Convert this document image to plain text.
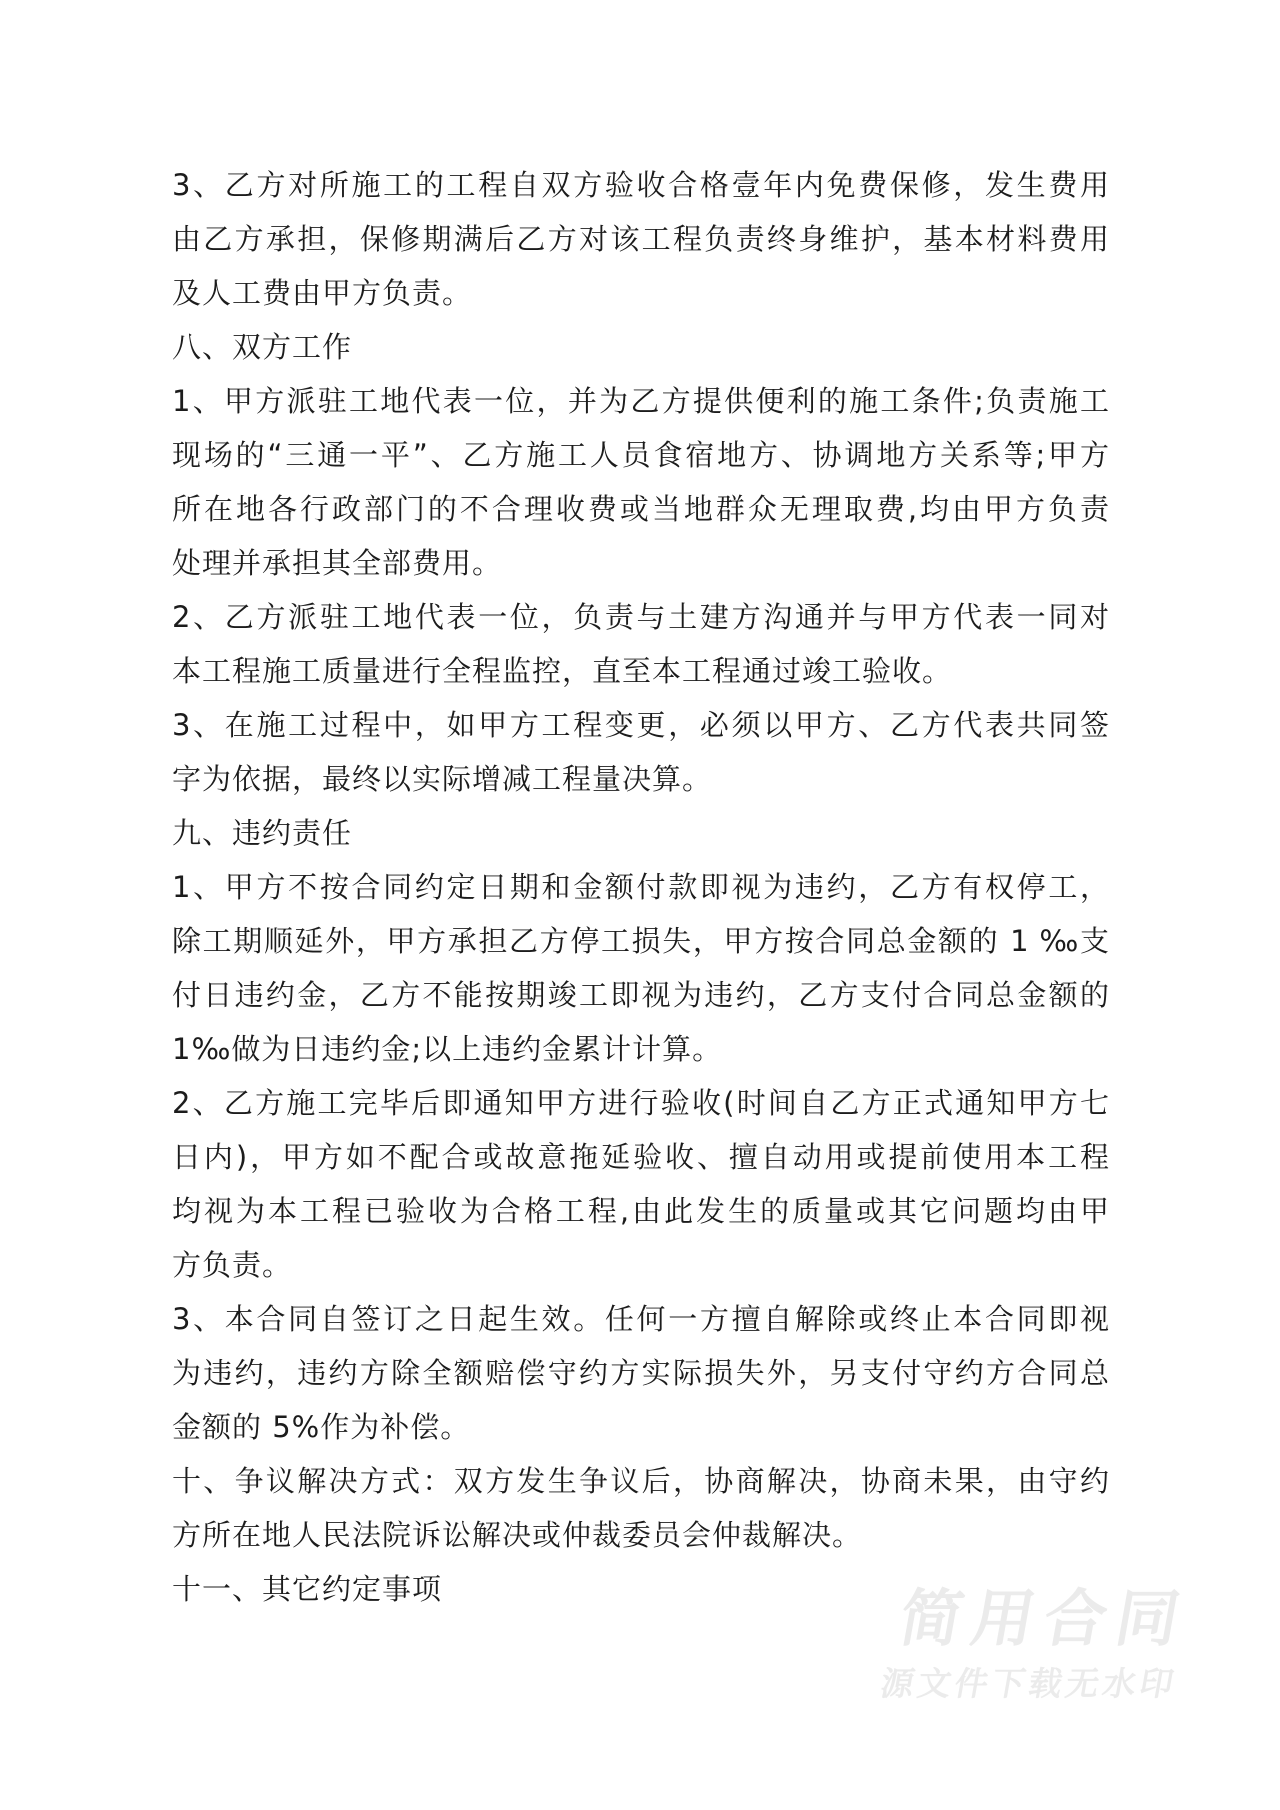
3、乙方对所施工的工程自双方验收合格壹年内免费保修，发生费用
由乙方承担，保修期满后乙方对该工程负责终身维护，基本材料费用
及人工费由甲方负责。
八、双方工作
1、甲方派驻工地代表一位，并为乙方提供便利的施工条件;负责施工
现场的“三通一平”、乙方施工人员食宿地方、协调地方关系等;甲方
所在地各行政部门的不合理收费或当地群众无理取费,均由甲方负责
处理并承担其全部费用。
2、乙方派驻工地代表一位，负责与土建方沟通并与甲方代表一同对
本工程施工质量进行全程监控，直至本工程通过竣工验收。
3、在施工过程中，如甲方工程变更，必须以甲方、乙方代表共同签
字为依据，最终以实际增减工程量决算。
九、违约责任
1、甲方不按合同约定日期和金额付款即视为违约，乙方有权停工，
除工期顺延外，甲方承担乙方停工损失，甲方按合同总金额的 1 ‰支
付日违约金，乙方不能按期竣工即视为违约，乙方支付合同总金额的
1‰做为日违约金;以上违约金累计计算。
2、乙方施工完毕后即通知甲方进行验收(时间自乙方正式通知甲方七
日内)，甲方如不配合或故意拖延验收、擅自动用或提前使用本工程
均视为本工程已验收为合格工程,由此发生的质量或其它问题均由甲
方负责。
3、本合同自签订之日起生效。任何一方擅自解除或终止本合同即视
为违约，违约方除全额赔偿守约方实际损失外，另支付守约方合同总
金额的 5%作为补偿。
十、争议解决方式：双方发生争议后，协商解决，协商未果，由守约
方所在地人民法院诉讼解决或仲裁委员会仲裁解决。
十一、其它约定事项	简用合同
源文件下载无水印
